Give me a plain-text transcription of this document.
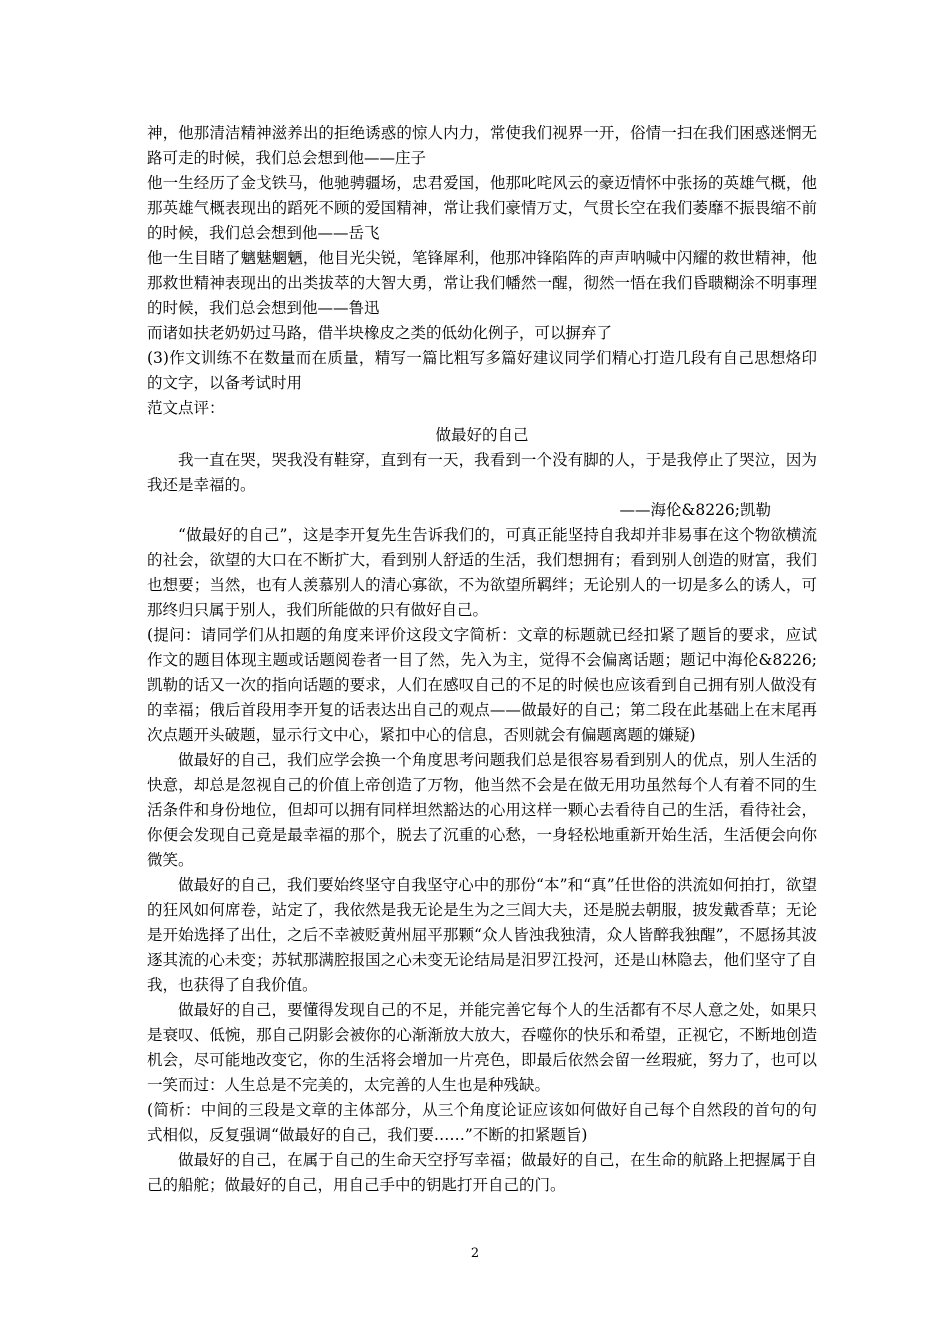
神，他那清洁精神滋养出的拒绝诱惑的惊人内力，常使我们视界一开，俗情一扫在我们困惑迷惘无路可走的时候，我们总会想到他——庄子

他一生经历了金戈铁马，他驰骋疆场，忠君爱国，他那叱咤风云的豪迈情怀中张扬的英雄气概，他那英雄气概表现出的蹈死不顾的爱国精神，常让我们豪情万丈，气贯长空在我们萎靡不振畏缩不前的时候，我们总会想到他——岳飞

他一生目睹了魑魅魍魉，他目光尖锐，笔锋犀利，他那冲锋陷阵的声声呐喊中闪耀的救世精神，他那救世精神表现出的出类拔萃的大智大勇，常让我们幡然一醒，彻然一悟在我们昏聩糊涂不明事理的时候，我们总会想到他——鲁迅

而诸如扶老奶奶过马路，借半块橡皮之类的低幼化例子，可以摒弃了

(3)作文训练不在数量而在质量，精写一篇比粗写多篇好建议同学们精心打造几段有自己思想烙印的文字，以备考试时用

范文点评：

做最好的自己

我一直在哭，哭我没有鞋穿，直到有一天，我看到一个没有脚的人，于是我停止了哭泣，因为我还是幸福的。

——海伦&8226;凯勒

“做最好的自己”，这是李开复先生告诉我们的，可真正能坚持自我却并非易事在这个物欲横流的社会，欲望的大口在不断扩大，看到别人舒适的生活，我们想拥有；看到别人创造的财富，我们也想要；当然，也有人羡慕别人的清心寡欲，不为欲望所羁绊；无论别人的一切是多么的诱人，可那终归只属于别人，我们所能做的只有做好自己。

(提问：请同学们从扣题的角度来评价这段文字简析：文章的标题就已经扣紧了题旨的要求，应试作文的题目体现主题或话题阅卷者一目了然，先入为主，觉得不会偏离话题；题记中海伦&8226;凯勒的话又一次的指向话题的要求，人们在感叹自己的不足的时候也应该看到自己拥有别人做没有的幸福；俄后首段用李开复的话表达出自己的观点——做最好的自己；第二段在此基础上在末尾再次点题开头破题，显示行文中心，紧扣中心的信息，否则就会有偏题离题的嫌疑)

做最好的自己，我们应学会换一个角度思考问题我们总是很容易看到别人的优点，别人生活的快意，却总是忽视自己的价值上帝创造了万物，他当然不会是在做无用功虽然每个人有着不同的生活条件和身份地位，但却可以拥有同样坦然豁达的心用这样一颗心去看待自己的生活，看待社会，你便会发现自己竟是最幸福的那个，脱去了沉重的心愁，一身轻松地重新开始生活，生活便会向你微笑。

做最好的自己，我们要始终坚守自我坚守心中的那份“本”和“真”任世俗的洪流如何拍打，欲望的狂风如何席卷，站定了，我依然是我无论是生为之三闾大夫，还是脱去朝服，披发戴香草；无论是开始选择了出仕，之后不幸被贬黄州屈平那颗“众人皆浊我独清，众人皆醉我独醒”，不愿扬其波逐其流的心未变；苏轼那满腔报国之心未变无论结局是汨罗江投河，还是山林隐去，他们坚守了自我，也获得了自我价值。

做最好的自己，要懂得发现自己的不足，并能完善它每个人的生活都有不尽人意之处，如果只是衰叹、低惋，那自己阴影会被你的心渐渐放大放大，吞噬你的快乐和希望，正视它，不断地创造机会，尽可能地改变它，你的生活将会增加一片亮色，即最后依然会留一丝瑕疵，努力了，也可以一笑而过：人生总是不完美的，太完善的人生也是种残缺。

(简析：中间的三段是文章的主体部分，从三个角度论证应该如何做好自己每个自然段的首句的句式相似，反复强调“做最好的自己，我们要……”不断的扣紧题旨)

做最好的自己，在属于自己的生命天空抒写幸福；做最好的自己，在生命的航路上把握属于自己的船舵；做最好的自己，用自己手中的钥匙打开自己的门。

2
